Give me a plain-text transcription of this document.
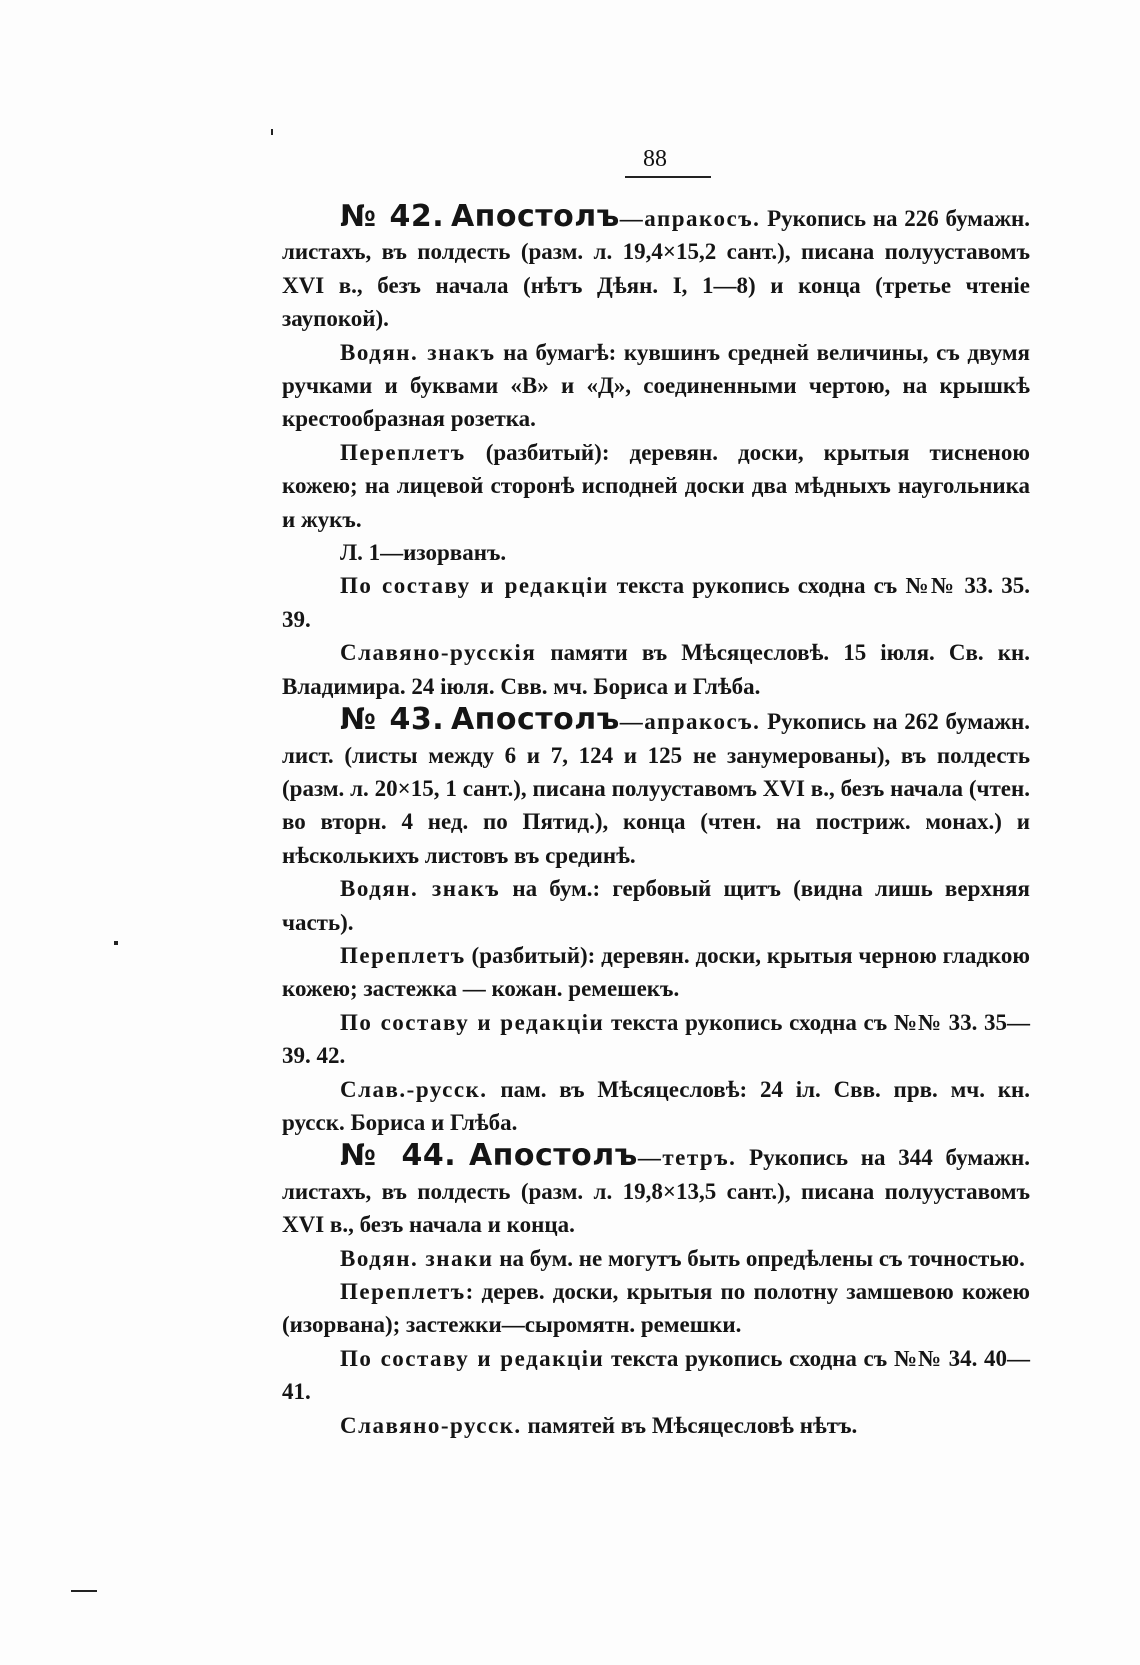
88

№ 42. Апостолъ—апракосъ. Рукопись на 226 бумажн. листахъ, въ полдесть (разм. л. 19,4×15,2 сант.), писана полууставомъ XVI в., безъ начала (нѣтъ Дѣян. I, 1—8) и конца (третье чтеніе заупокой).

Водян. знакъ на бумагѣ: кувшинъ средней величины, съ двумя ручками и буквами «В» и «Д», соединенными чертою, на крышкѣ крестообразная розетка.

Переплетъ (разбитый): деревян. доски, крытыя тисненою кожею; на лицевой сторонѣ исподней доски два мѣдныхъ наугольника и жукъ.

Л. 1—изорванъ.

По составу и редакціи текста рукопись сходна съ №№ 33. 35. 39.

Славяно-русскія памяти въ Мѣсяцесловѣ. 15 іюля. Св. кн. Владимира. 24 іюля. Свв. мч. Бориса и Глѣба.

№ 43. Апостолъ—апракосъ. Рукопись на 262 бумажн. лист. (листы между 6 и 7, 124 и 125 не занумерованы), въ полдесть (разм. л. 20×15, 1 сант.), писана полууставомъ XVI в., безъ начала (чтен. во вторн. 4 нед. по Пятид.), конца (чтен. на постриж. монах.) и нѣсколькихъ листовъ въ срединѣ.

Водян. знакъ на бум.: гербовый щитъ (видна лишь верхняя часть).

Переплетъ (разбитый): деревян. доски, крытыя черною гладкою кожею; застежка — кожан. ремешекъ.

По составу и редакціи текста рукопись сходна съ №№ 33. 35—39. 42.

Слав.-русск. пам. въ Мѣсяцесловѣ: 24 іл. Свв. прв. мч. кн. русск. Бориса и Глѣба.

№ 44. Апостолъ—тетръ. Рукопись на 344 бумажн. листахъ, въ полдесть (разм. л. 19,8×13,5 сант.), писана полууставомъ XVI в., безъ начала и конца.

Водян. знаки на бум. не могутъ быть опредѣлены съ точностью.

Переплетъ: дерев. доски, крытыя по полотну замшевою кожею (изорвана); застежки—сыромятн. ремешки.

По составу и редакціи текста рукопись сходна съ №№ 34. 40—41.

Славяно-русск. памятей въ Мѣсяцесловѣ нѣтъ.
